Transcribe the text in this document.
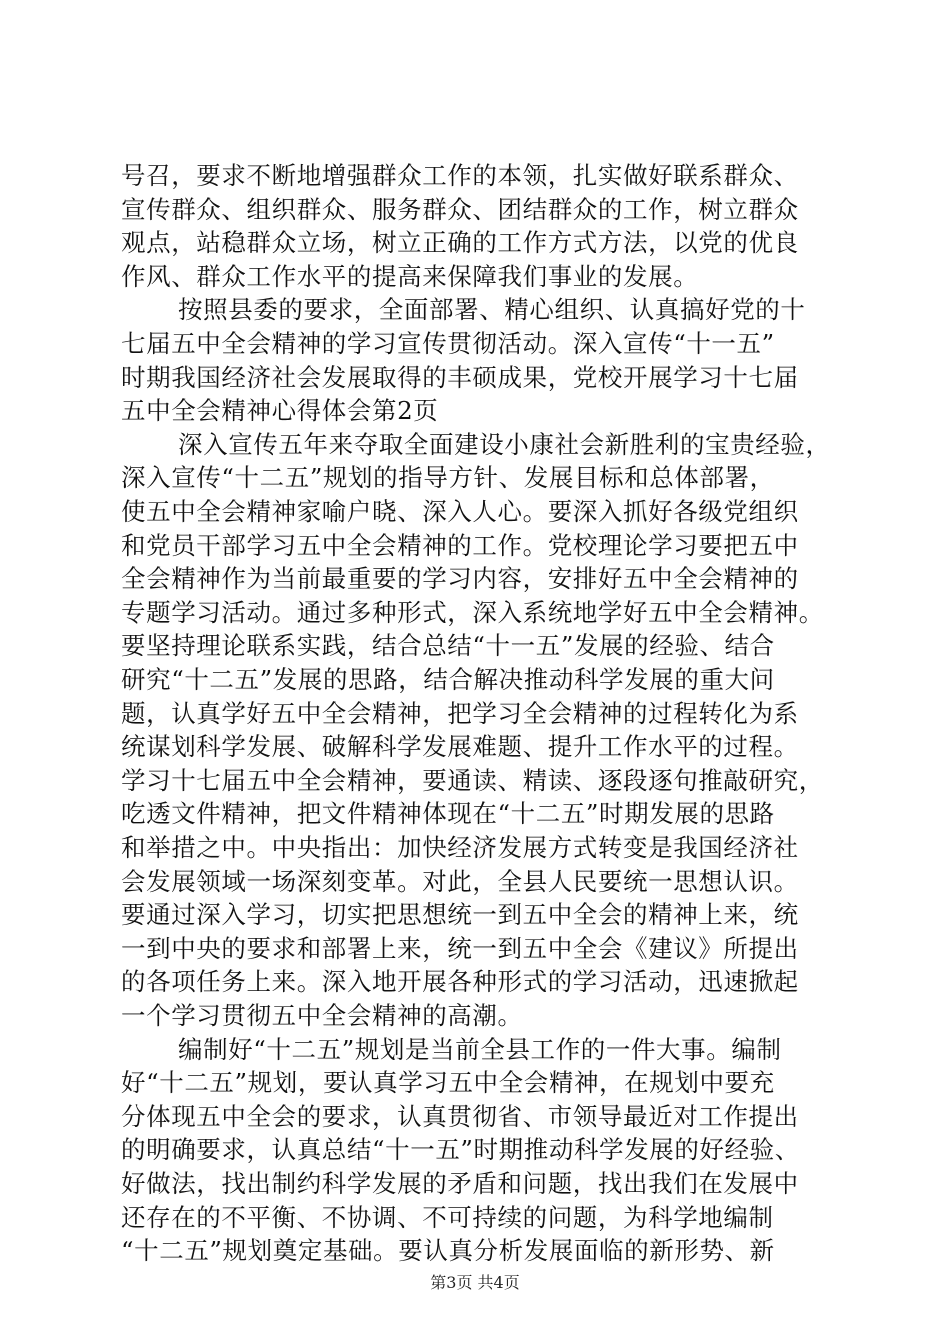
号召，要求不断地增强群众工作的本领，扎实做好联系群众、
宣传群众、组织群众、服务群众、团结群众的工作，树立群众
观点，站稳群众立场，树立正确的工作方式方法，以党的优良
作风、群众工作水平的提高来保障我们事业的发展。
按照县委的要求，全面部署、精心组织、认真搞好党的十
七届五中全会精神的学习宣传贯彻活动。深入宣传“十一五”
时期我国经济社会发展取得的丰硕成果，党校开展学习十七届
五中全会精神心得体会第2页
深入宣传五年来夺取全面建设小康社会新胜利的宝贵经验，
深入宣传“十二五”规划的指导方针、发展目标和总体部署，
使五中全会精神家喻户晓、深入人心。要深入抓好各级党组织
和党员干部学习五中全会精神的工作。党校理论学习要把五中
全会精神作为当前最重要的学习内容，安排好五中全会精神的
专题学习活动。通过多种形式，深入系统地学好五中全会精神。
要坚持理论联系实践，结合总结“十一五”发展的经验、结合
研究“十二五”发展的思路，结合解决推动科学发展的重大问
题，认真学好五中全会精神，把学习全会精神的过程转化为系
统谋划科学发展、破解科学发展难题、提升工作水平的过程。
学习十七届五中全会精神，要通读、精读、逐段逐句推敲研究，
吃透文件精神，把文件精神体现在“十二五”时期发展的思路
和举措之中。中央指出：加快经济发展方式转变是我国经济社
会发展领域一场深刻变革。对此，全县人民要统一思想认识。
要通过深入学习，切实把思想统一到五中全会的精神上来，统
一到中央的要求和部署上来，统一到五中全会《建议》所提出
的各项任务上来。深入地开展各种形式的学习活动，迅速掀起
一个学习贯彻五中全会精神的高潮。
编制好“十二五”规划是当前全县工作的一件大事。编制
好“十二五”规划，要认真学习五中全会精神，在规划中要充
分体现五中全会的要求，认真贯彻省、市领导最近对工作提出
的明确要求，认真总结“十一五”时期推动科学发展的好经验、
好做法，找出制约科学发展的矛盾和问题，找出我们在发展中
还存在的不平衡、不协调、不可持续的问题，为科学地编制
“十二五”规划奠定基础。要认真分析发展面临的新形势、新
第3页 共4页
